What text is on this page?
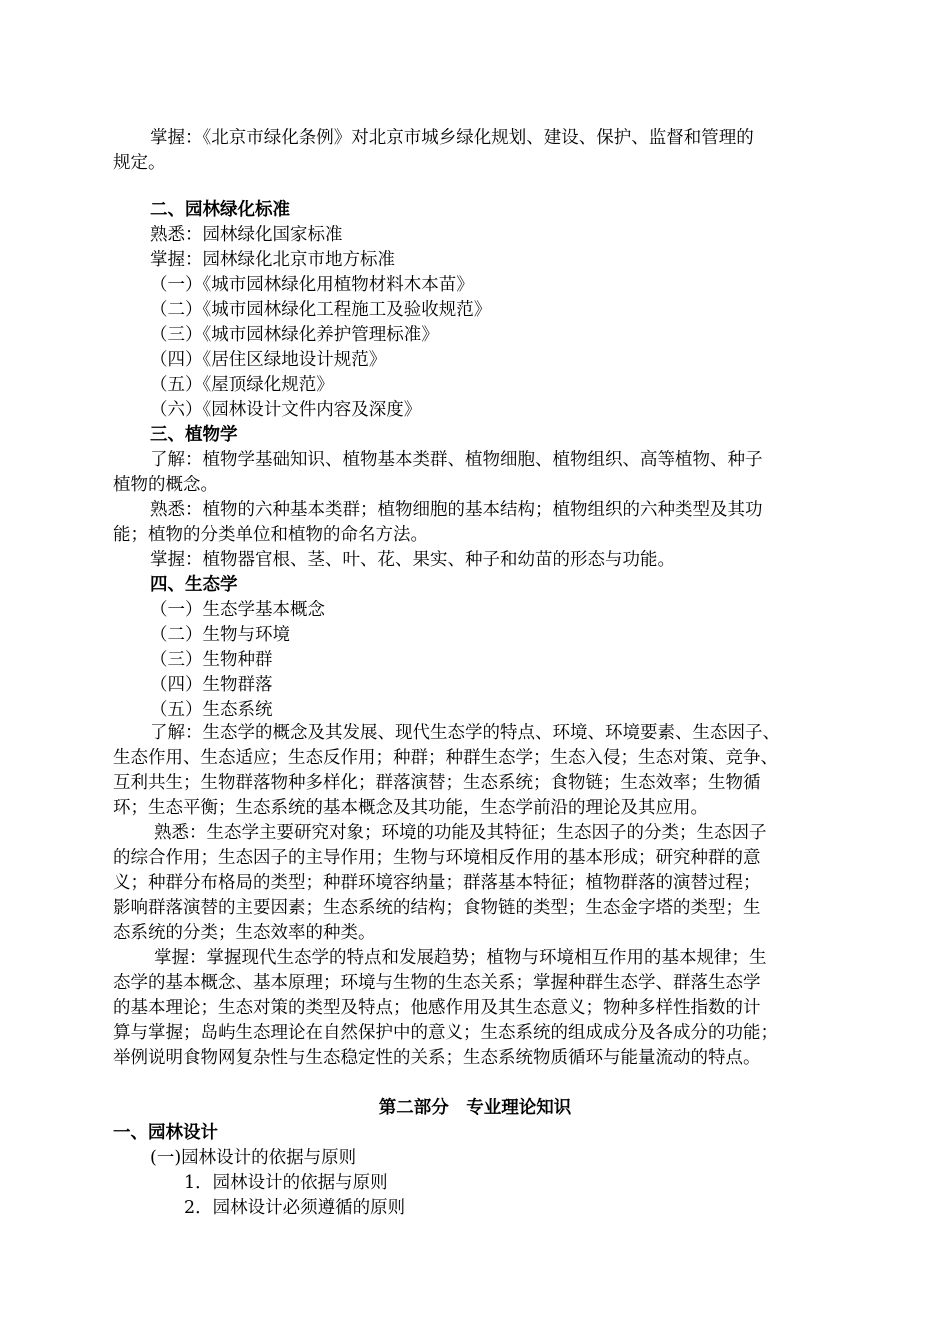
掌握：《北京市绿化条例》对北京市城乡绿化规划、建设、保护、监督和管理的
规定。
二、园林绿化标准
熟悉：园林绿化国家标准
掌握：园林绿化北京市地方标准
（一）《城市园林绿化用植物材料木本苗》
（二）《城市园林绿化工程施工及验收规范》
（三）《城市园林绿化养护管理标准》
（四）《居住区绿地设计规范》
（五）《屋顶绿化规范》
（六）《园林设计文件内容及深度》
三、植物学
了解：植物学基础知识、植物基本类群、植物细胞、植物组织、高等植物、种子
植物的概念。
熟悉：植物的六种基本类群；植物细胞的基本结构；植物组织的六种类型及其功
能；植物的分类单位和植物的命名方法。
掌握：植物器官根、茎、叶、花、果实、种子和幼苗的形态与功能。
四、生态学
（一）生态学基本概念
（二）生物与环境
（三）生物种群
（四）生物群落
（五）生态系统
了解：生态学的概念及其发展、现代生态学的特点、环境、环境要素、生态因子、
生态作用、生态适应；生态反作用；种群；种群生态学；生态入侵；生态对策、竞争、
互利共生；生物群落物种多样化；群落演替；生态系统；食物链；生态效率；生物循
环；生态平衡；生态系统的基本概念及其功能，生态学前沿的理论及其应用。
熟悉：生态学主要研究对象；环境的功能及其特征；生态因子的分类；生态因子
的综合作用；生态因子的主导作用；生物与环境相反作用的基本形成；研究种群的意
义；种群分布格局的类型；种群环境容纳量；群落基本特征；植物群落的演替过程；
影响群落演替的主要因素；生态系统的结构；食物链的类型；生态金字塔的类型；生
态系统的分类；生态效率的种类。
掌握：掌握现代生态学的特点和发展趋势；植物与环境相互作用的基本规律；生
态学的基本概念、基本原理；环境与生物的生态关系；掌握种群生态学、群落生态学
的基本理论；生态对策的类型及特点；他感作用及其生态意义；物种多样性指数的计
算与掌握；岛屿生态理论在自然保护中的意义；生态系统的组成成分及各成分的功能；
举例说明食物网复杂性与生态稳定性的关系；生态系统物质循环与能量流动的特点。
第二部分　专业理论知识
一、园林设计
(一)园林设计的依据与原则
1．园林设计的依据与原则
2．园林设计必须遵循的原则
